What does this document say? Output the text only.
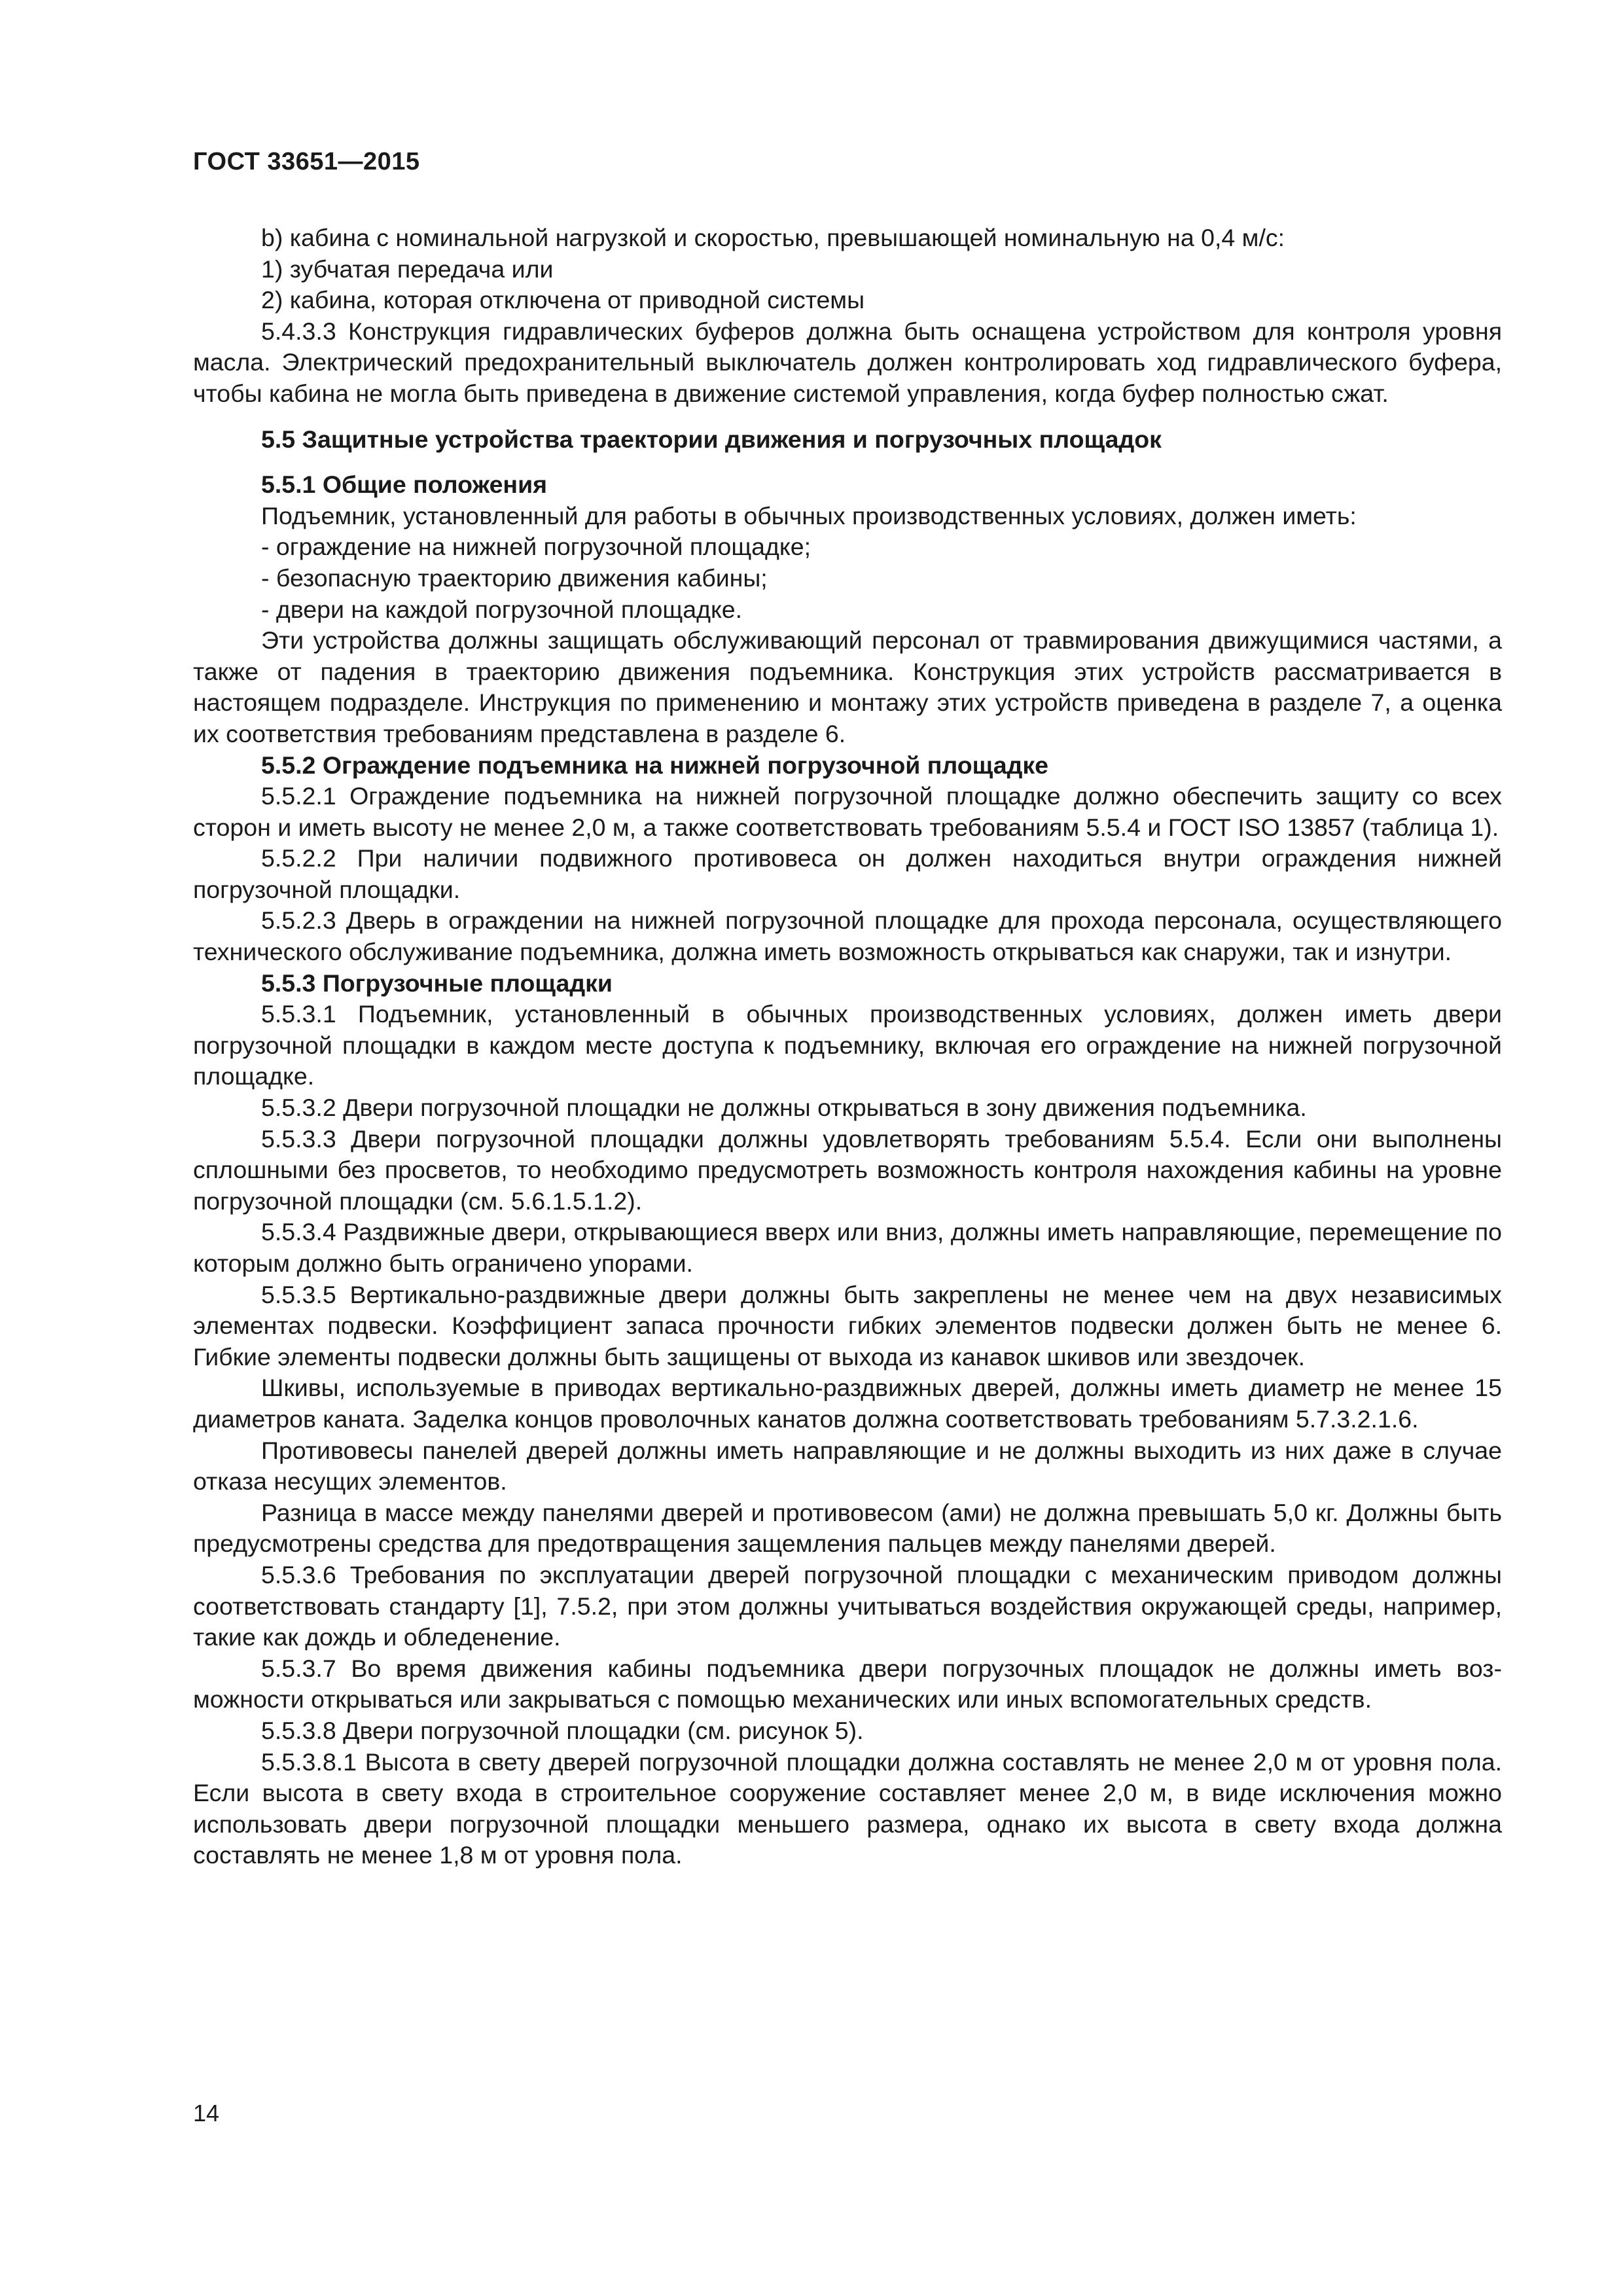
ГОСТ 33651—2015

b) кабина с номинальной нагрузкой и скоростью, превышающей номинальную на 0,4 м/с:

1) зубчатая передача или

2) кабина, которая отключена от приводной системы

5.4.3.3 Конструкция гидравлических буферов должна быть оснащена устройством для контроля уровня масла. Электрический предохранительный выключатель должен контролировать ход гидравлического буфера, чтобы кабина не могла быть приведена в движение системой управления, когда буфер полностью сжат.

5.5 Защитные устройства траектории движения и погрузочных площадок
5.5.1 Общие положения

Подъемник, установленный для работы в обычных производственных условиях, должен иметь:

- ограждение на нижней погрузочной площадке;

- безопасную траекторию движения кабины;

- двери на каждой погрузочной площадке.

Эти устройства должны защищать обслуживающий персонал от травмирования движущимися частями, а также от падения в траекторию движения подъемника. Конструкция этих устройств рассматривается в настоящем подразделе. Инструкция по применению и монтажу этих устройств приведена в разделе 7, а оценка их соответствия требованиям представлена в разделе 6.

5.5.2 Ограждение подъемника на нижней погрузочной площадке

5.5.2.1 Ограждение подъемника на нижней погрузочной площадке должно обеспечить защиту со всех сторон и иметь высоту не менее 2,0 м, а также соответствовать требованиям 5.5.4 и ГОСТ ISO 13857 (таблица 1).

5.5.2.2 При наличии подвижного противовеса он должен находиться внутри ограждения нижней погрузочной площадки.

5.5.2.3 Дверь в ограждении на нижней погрузочной площадке для прохода персонала, осуществляющего технического обслуживание подъемника, должна иметь возможность открываться как снаружи, так и изнутри.

5.5.3 Погрузочные площадки

5.5.3.1 Подъемник, установленный в обычных производственных условиях, должен иметь двери погрузочной площадки в каждом месте доступа к подъемнику, включая его ограждение на нижней погрузочной площадке.

5.5.3.2 Двери погрузочной площадки не должны открываться в зону движения подъемника.

5.5.3.3 Двери погрузочной площадки должны удовлетворять требованиям 5.5.4. Если они выполнены сплошными без просветов, то необходимо предусмотреть возможность контроля нахождения кабины на уровне погрузочной площадки (см. 5.6.1.5.1.2).

5.5.3.4 Раздвижные двери, открывающиеся вверх или вниз, должны иметь направляющие, перемещение по которым должно быть ограничено упорами.

5.5.3.5 Вертикально-раздвижные двери должны быть закреплены не менее чем на двух независимых элементах подвески. Коэффициент запаса прочности гибких элементов подвески должен быть не менее 6. Гибкие элементы подвески должны быть защищены от выхода из канавок шкивов или звездочек.

Шкивы, используемые в приводах вертикально-раздвижных дверей, должны иметь диаметр не менее 15 диаметров каната. Заделка концов проволочных канатов должна соответствовать требованиям 5.7.3.2.1.6.

Противовесы панелей дверей должны иметь направляющие и не должны выходить из них даже в случае отказа несущих элементов.

Разница в массе между панелями дверей и противовесом (ами) не должна превышать 5,0 кг. Должны быть предусмотрены средства для предотвращения защемления пальцев между панелями дверей.

5.5.3.6 Требования по эксплуатации дверей погрузочной площадки с механическим приводом должны соответствовать стандарту [1], 7.5.2, при этом должны учитываться воздействия окружающей среды, например, такие как дождь и обледенение.

5.5.3.7 Во время движения кабины подъемника двери погрузочных площадок не должны иметь возможности открываться или закрываться с помощью механических или иных вспомогательных средств.

5.5.3.8 Двери погрузочной площадки (см. рисунок 5).

5.5.3.8.1 Высота в свету дверей погрузочной площадки должна составлять не менее 2,0 м от уровня пола. Если высота в свету входа в строительное сооружение составляет менее 2,0 м, в виде исключения можно использовать двери погрузочной площадки меньшего размера, однако их высота в свету входа должна составлять не менее 1,8 м от уровня пола.

14
